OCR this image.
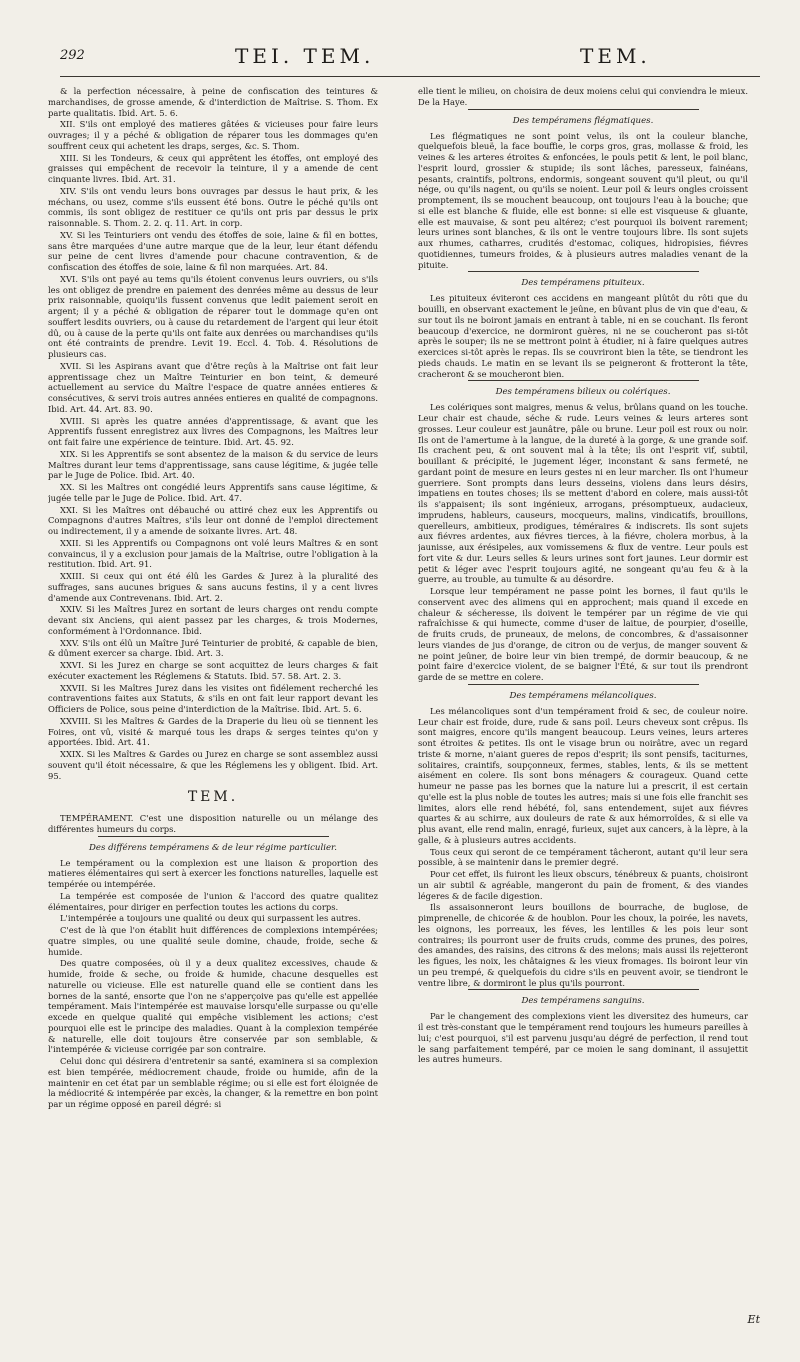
292	TEI. TEM.	TEM.

& la perfection nécessaire, à peine de confiscation des teintures & marchandises, de grosse amende, & d'interdiction de Maîtrise. S. Thom. Ex parte qualitatis. Ibid. Art. 5. 6.

XII. S'ils ont employé des matieres gâtées & vicieuses pour faire leurs ouvrages; il y a péché & obligation de réparer tous les dommages qu'en souffrent ceux qui achetent les draps, serges, &c. S. Thom.

XIII. Si les Tondeurs, & ceux qui apprêtent les étoffes, ont employé des graisses qui empêchent de recevoir la teinture, il y a amende de cent cinquante livres. Ibid. Art. 31.

XIV. S'ils ont vendu leurs bons ouvrages par dessus le haut prix, & les méchans, ou usez, comme s'ils eussent été bons. Outre le péché qu'ils ont commis, ils sont obligez de restituer ce qu'ils ont pris par dessus le prix raisonnable. S. Thom. 2. 2. q. 11. Art. in corp.

XV. Si les Teinturiers ont vendu des étoffes de soie, laine & fil en bottes, sans être marquées d'une autre marque que de la leur, leur étant défendu sur peine de cent livres d'amende pour chacune contravention, & de confiscation des étoffes de soie, laine & fil non marquées. Art. 84.

XVI. S'ils ont payé au tems qu'ils étoient convenus leurs ouvriers, ou s'ils les ont obligez de prendre en paiement des denrées même au dessus de leur prix raisonnable, quoiqu'ils fussent convenus que ledit paiement seroit en argent; il y a péché & obligation de réparer tout le dommage qu'en ont souffert lesdits ouvriers, ou à cause du retardement de l'argent qui leur étoit dû, ou à cause de la perte qu'ils ont faite aux denrées ou marchandises qu'ils ont été contraints de prendre. Levit 19. Eccl. 4. Tob. 4. Résolutions de plusieurs cas.

XVII. Si les Aspirans avant que d'être reçûs à la Maîtrise ont fait leur apprentissage chez un Maître Teinturier en bon teint, & demeuré actuellement au service du Maître l'espace de quatre années entieres & consécutives, & servi trois autres années entieres en qualité de compagnons. Ibid. Art. 44. Art. 83. 90.

XVIII. Si après les quatre années d'apprentissage, & avant que les Apprentifs fussent enregistrez aux livres des Compagnons, les Maîtres leur ont fait faire une expérience de teinture. Ibid. Art. 45. 92.

XIX. Si les Apprentifs se sont absentez de la maison & du service de leurs Maîtres durant leur tems d'apprentissage, sans cause légitime, & jugée telle par le Juge de Police. Ibid. Art. 40.

XX. Si les Maîtres ont congédié leurs Apprentifs sans cause légitime, & jugée telle par le Juge de Police. Ibid. Art. 47.

XXI. Si les Maîtres ont débauché ou attiré chez eux les Apprentifs ou Compagnons d'autres Maîtres, s'ils leur ont donné de l'emploi directement ou indirectement, il y a amende de soixante livres. Art. 48.

XXII. Si les Apprentifs ou Compagnons ont volé leurs Maîtres & en sont convaincus, il y a exclusion pour jamais de la Maîtrise, outre l'obligation à la restitution. Ibid. Art. 91.

XXIII. Si ceux qui ont été élû les Gardes & Jurez à la pluralité des suffrages, sans aucunes brigues & sans aucuns festins, il y a cent livres d'amende aux Contrevenans. Ibid. Art. 2.

XXIV. Si les Maîtres Jurez en sortant de leurs charges ont rendu compte devant six Anciens, qui aient passez par les charges, & trois Modernes, conformément à l'Ordonnance. Ibid.

XXV. S'ils ont élû un Maître Juré Teinturier de probité, & capable de bien, & dûment exercer sa charge. Ibid. Art. 3.

XXVI. Si les Jurez en charge se sont acquittez de leurs charges & fait exécuter exactement les Réglemens & Statuts. Ibid. 57. 58. Art. 2. 3.

XXVII. Si les Maîtres Jurez dans les visites ont fidélement recherché les contraventions faites aux Statuts, & s'ils en ont fait leur rapport devant les Officiers de Police, sous peine d'interdiction de la Maîtrise. Ibid. Art. 5. 6.

XXVIII. Si les Maîtres & Gardes de la Draperie du lieu où se tiennent les Foires, ont vû, visité & marqué tous les draps & serges teintes qu'on y apportées. Ibid. Art. 41.

XXIX. Si les Maîtres & Gardes ou Jurez en charge se sont assemblez aussi souvent qu'il étoit nécessaire, & que les Réglemens les y obligent. Ibid. Art. 95.

TEM.

TEMPÉRAMENT. C'est une disposition naturelle ou un mélange des différentes humeurs du corps.

Des différens tempéramens & de leur régime particulier.

Le tempérament ou la complexion est une liaison & proportion des matieres élémentaires qui sert à exercer les fonctions naturelles, laquelle est tempérée ou intempérée.

La tempérée est composée de l'union & l'accord des quatre qualitez élémentaires, pour diriger en perfection toutes les actions du corps.

L'intempérée a toujours une qualité ou deux qui surpassent les autres.

C'est de là que l'on établit huit différences de complexions intempérées; quatre simples, ou une qualité seule domine, chaude, froide, seche & humide.

Des quatre composées, où il y a deux qualitez excessives, chaude & humide, froide & seche, ou froide & humide, chacune desquelles est naturelle ou vicieuse. Elle est naturelle quand elle se contient dans les bornes de la santé, ensorte que l'on ne s'apperçoive pas qu'elle est appellée tempérament. Mais l'intempérée est mauvaise lorsqu'elle surpasse ou qu'elle excede en quelque qualité qui empêche visiblement les actions; c'est pourquoi elle est le principe des maladies. Quant à la complexion tempérée & naturelle, elle doit toujours être conservée par son semblable, & l'intempérée & vicieuse corrigée par son contraire.

Celui donc qui désirera d'entretenir sa santé, examinera si sa complexion est bien tempérée, médiocrement chaude, froide ou humide, afin de la maintenir en cet état par un semblable régime; ou si elle est fort éloignée de la médiocrité & intempérée par excès, la changer, & la remettre en bon point par un régime opposé en pareil dégré: si

elle tient le milieu, on choisira de deux moiens celui qui conviendra le mieux. De la Haye.

Des tempéramens flégmatiques.

Les flégmatiques ne sont point velus, ils ont la couleur blanche, quelquefois bleuë, la face bouffie, le corps gros, gras, mollasse & froid, les veines & les arteres étroites & enfoncées, le pouls petit & lent, le poil blanc, l'esprit lourd, grossier & stupide; ils sont lâches, paresseux, fainéans, pesants, craintifs, poltrons, endormis, songeant souvent qu'il pleut, ou qu'il nége, ou qu'ils nagent, ou qu'ils se noient. Leur poil & leurs ongles croissent promptement, ils se mouchent beaucoup, ont toujours l'eau à la bouche; que si elle est blanche & fluide, elle est bonne: si elle est visqueuse & gluante, elle est mauvaise, & sont peu altérez; c'est pourquoi ils boivent rarement; leurs urines sont blanches, & ils ont le ventre toujours libre. Ils sont sujets aux rhumes, catharres, crudités d'estomac, coliques, hidropisies, fiévres quotidiennes, tumeurs froides, & à plusieurs autres maladies venant de la pituite.

Des tempéramens pituiteux.

Les pituiteux éviteront ces accidens en mangeant plûtôt du rôti que du bouilli, en observant exactement le jeûne, en bûvant plus de vin que d'eau, & sur tout ils ne boiront jamais en entrant à table, ni en se couchant. Ils feront beaucoup d'exercice, ne dormiront guères, ni ne se coucheront pas si-tôt après le souper; ils ne se mettront point à étudier, ni à faire quelques autres exercices si-tôt après le repas. Ils se couvriront bien la tête, se tiendront les pieds chauds. Le matin en se levant ils se peigneront & frotteront la tête, cracheront & se moucheront bien.

Des tempéramens bilieux ou colériques.

Les colériques sont maigres, menus & velus, brûlans quand on les touche. Leur chair est chaude, séche & rude. Leurs veines & leurs arteres sont grosses. Leur couleur est jaunâtre, pâle ou brune. Leur poil est roux ou noir. Ils ont de l'amertume à la langue, de la dureté à la gorge, & une grande soif. Ils crachent peu, & ont souvent mal à la tête; ils ont l'esprit vif, subtil, bouillant & précipité, le jugement léger, inconstant & sans fermeté, ne gardant point de mesure en leurs gestes ni en leur marcher. Ils ont l'humeur guerriere. Sont prompts dans leurs desseins, violens dans leurs désirs, impatiens en toutes choses; ils se mettent d'abord en colere, mais aussi-tôt ils s'appaisent; ils sont ingénieux, arrogans, présomptueux, audacieux, imprudens, hableurs, causeurs, mocqueurs, malins, vindicatifs, brouillons, querelleurs, ambitieux, prodigues, téméraires & indiscrets. Ils sont sujets aux fiévres ardentes, aux fiévres tierces, à la fiévre, cholera morbus, à la jaunisse, aux érésipeles, aux vomissemens & flux de ventre. Leur pouls est fort vite & dur. Leurs selles & leurs urines sont fort jaunes. Leur dormir est petit & léger avec l'esprit toujours agité, ne songeant qu'au feu & à la guerre, au trouble, au tumulte & au désordre.

Lorsque leur tempérament ne passe point les bornes, il faut qu'ils le conservent avec des alimens qui en approchent; mais quand il excede en chaleur & sécheresse, ils doivent le tempérer par un régime de vie qui rafraîchisse & qui humecte, comme d'user de laitue, de pourpier, d'oseille, de fruits cruds, de pruneaux, de melons, de concombres, & d'assaisonner leurs viandes de jus d'orange, de citron ou de verjus, de manger souvent & ne point jeûner, de boire leur vin bien trempé, de dormir beaucoup, & ne point faire d'exercice violent, de se baigner l'Été, & sur tout ils prendront garde de se mettre en colere.

Des tempéramens mélancoliques.

Les mélancoliques sont d'un tempérament froid & sec, de couleur noire. Leur chair est froide, dure, rude & sans poil. Leurs cheveux sont crêpus. Ils sont maigres, encore qu'ils mangent beaucoup. Leurs veines, leurs arteres sont étroites & petites. Ils ont le visage brun ou noirâtre, avec un regard triste & morne, n'aiant gueres de repos d'esprit; ils sont pensifs, taciturnes, solitaires, craintifs, soupçonneux, fermes, stables, lents, & ils se mettent aisément en colere. Ils sont bons ménagers & courageux. Quand cette humeur ne passe pas les bornes que la nature lui a prescrit, il est certain qu'elle est la plus noble de toutes les autres; mais si une fois elle franchit ses limites, alors elle rend hébété, fol, sans entendement, sujet aux fiévres quartes & au schirre, aux douleurs de rate & aux hémorroïdes, & si elle va plus avant, elle rend malin, enragé, furieux, sujet aux cancers, à la lèpre, à la galle, & à plusieurs autres accidents.

Tous ceux qui seront de ce tempérament tâcheront, autant qu'il leur sera possible, à se maintenir dans le premier degré.

Pour cet effet, ils fuiront les lieux obscurs, ténébreux & puants, choisiront un air subtil & agréable, mangeront du pain de froment, & des viandes légeres & de facile digestion.

Ils assaisonneront leurs bouillons de bourrache, de buglose, de pimprenelle, de chicorée & de houblon. Pour les choux, la poirée, les navets, les oignons, les porreaux, les féves, les lentilles & les pois leur sont contraires; ils pourront user de fruits cruds, comme des prunes, des poires, des amandes, des raisins, des citrons & des melons; mais aussi ils rejetteront les figues, les noix, les châtaignes & les vieux fromages. Ils boiront leur vin un peu trempé, & quelquefois du cidre s'ils en peuvent avoir, se tiendront le ventre libre, & dormiront le plus qu'ils pourront.

Des tempéramens sanguins.

Par le changement des complexions vient les diversitez des humeurs, car il est très-constant que le tempérament rend toujours les humeurs pareilles à lui; c'est pourquoi, s'il est parvenu jusqu'au dégré de perfection, il rend tout le sang parfaitement tempéré, par ce moien le sang dominant, il assujettit les autres humeurs.

Et
